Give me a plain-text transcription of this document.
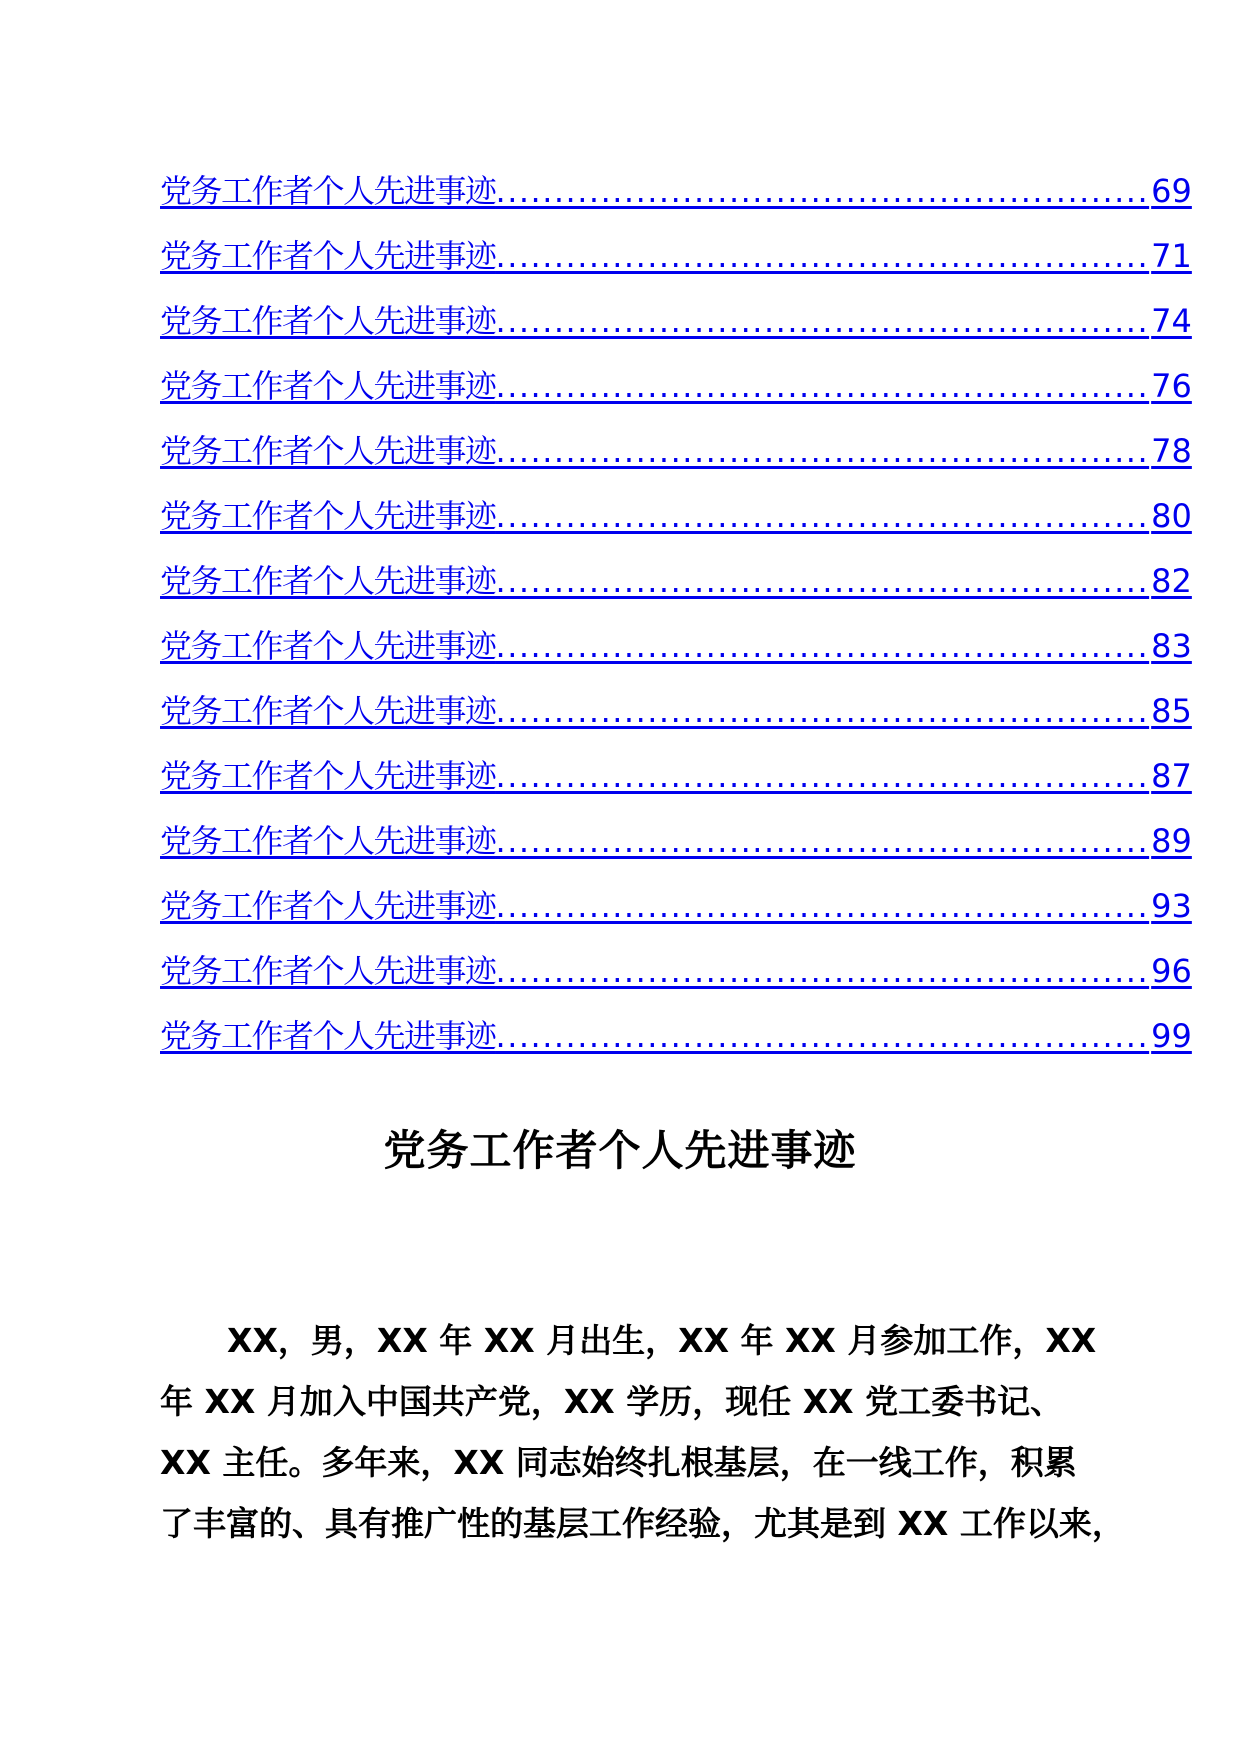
党务工作者个人先进事迹 ........................................................ 69
党务工作者个人先进事迹 ........................................................ 71
党务工作者个人先进事迹 ........................................................ 74
党务工作者个人先进事迹 ........................................................ 76
党务工作者个人先进事迹 ........................................................ 78
党务工作者个人先进事迹 ........................................................ 80
党务工作者个人先进事迹 ........................................................ 82
党务工作者个人先进事迹 ........................................................ 83
党务工作者个人先进事迹 ........................................................ 85
党务工作者个人先进事迹 ........................................................ 87
党务工作者个人先进事迹 ........................................................ 89
党务工作者个人先进事迹 ........................................................ 93
党务工作者个人先进事迹 ........................................................ 96
党务工作者个人先进事迹 ........................................................ 99
党务工作者个人先进事迹

XX，男，XX 年 XX 月出生，XX 年 XX 月参加工作，XX
年 XX 月加入中国共产党，XX 学历，现任 XX 党工委书记、
XX 主任。多年来，XX 同志始终扎根基层，在一线工作，积累
了丰富的、具有推广性的基层工作经验，尤其是到 XX 工作以来，
